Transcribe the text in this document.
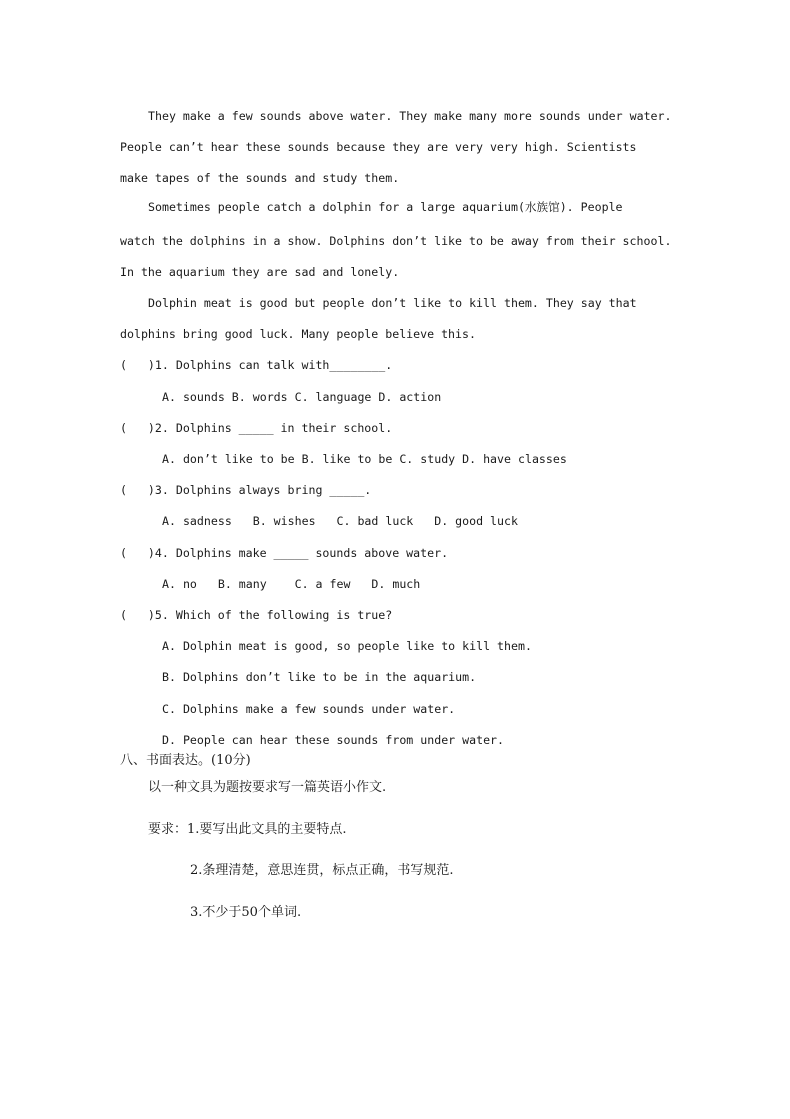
They make a few sounds above water. They make many more sounds under water.
People can’t hear these sounds because they are very very high. Scientists
make tapes of the sounds and study them.
Sometimes people catch a dolphin for a large aquarium(水族馆). People
watch the dolphins in a show. Dolphins don’t like to be away from their school.
In the aquarium they are sad and lonely.
Dolphin meat is good but people don’t like to kill them. They say that
dolphins bring good luck. Many people believe this.
(   )1. Dolphins can talk with________.
A. sounds B. words C. language D. action
(   )2. Dolphins _____ in their school.
A. don’t like to be B. like to be C. study D. have classes
(   )3. Dolphins always bring _____.
A. sadness   B. wishes   C. bad luck   D. good luck
(   )4. Dolphins make _____ sounds above water.
A. no   B. many    C. a few   D. much
(   )5. Which of the following is true?
A. Dolphin meat is good, so people like to kill them.
B. Dolphins don’t like to be in the aquarium.
C. Dolphins make a few sounds under water.
D. People can hear these sounds from under water.
八、书面表达。(10分)
以一种文具为题按要求写一篇英语小作文.
要求：1.要写出此文具的主要特点.
2.条理清楚，意思连贯，标点正确，书写规范.
3.不少于50个单词.
